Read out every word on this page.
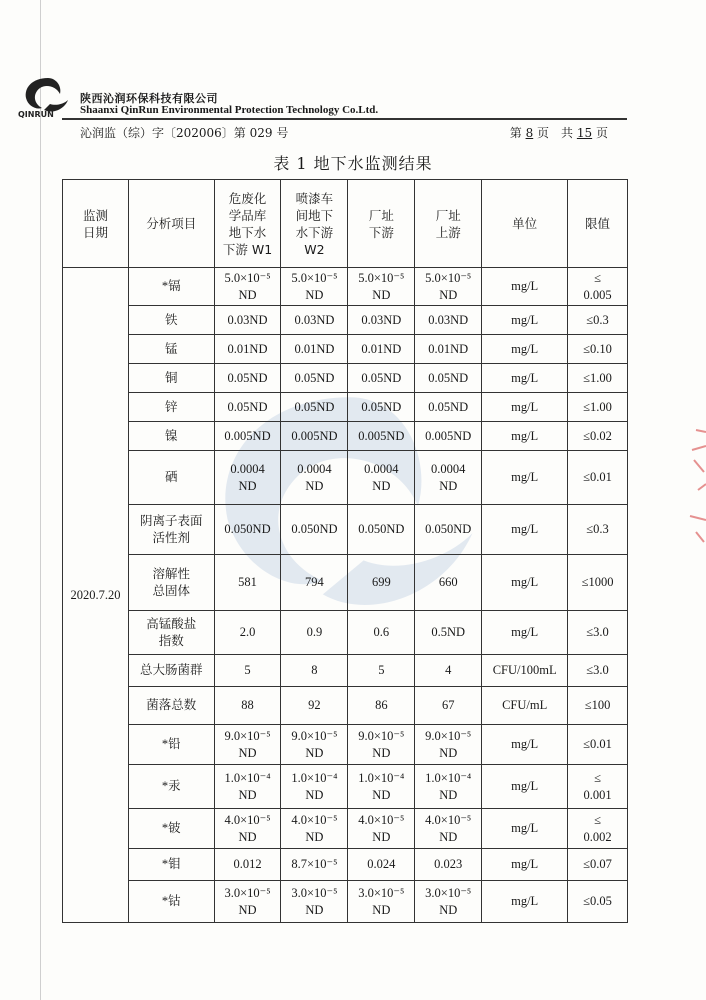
QINRUN
陕西沁润环保科技有限公司
Shaanxi QinRun Environmental Protection Technology Co.Ltd.
沁润监（综）字〔202006〕第 029 号	第 8 页　共 15 页
表 1 地下水监测结果
监测
日期	分析项目	危废化
学品库
地下水
下游 W1	喷漆车
间地下
水下游
W2	厂址
下游	厂址
上游	单位	限值
2020.7.20	*镉	5.0×10⁻⁵
ND	5.0×10⁻⁵
ND	5.0×10⁻⁵
ND	5.0×10⁻⁵
ND	mg/L	≤
0.005
	铁	0.03ND	0.03ND	0.03ND	0.03ND	mg/L	≤0.3
	锰	0.01ND	0.01ND	0.01ND	0.01ND	mg/L	≤0.10
	铜	0.05ND	0.05ND	0.05ND	0.05ND	mg/L	≤1.00
	锌	0.05ND	0.05ND	0.05ND	0.05ND	mg/L	≤1.00
	镍	0.005ND	0.005ND	0.005ND	0.005ND	mg/L	≤0.02
	硒	0.0004
ND	0.0004
ND	0.0004
ND	0.0004
ND	mg/L	≤0.01
	阴离子表面
活性剂	0.050ND	0.050ND	0.050ND	0.050ND	mg/L	≤0.3
	溶解性
总固体	581	794	699	660	mg/L	≤1000
	高锰酸盐
指数	2.0	0.9	0.6	0.5ND	mg/L	≤3.0
	总大肠菌群	5	8	5	4	CFU/100mL	≤3.0
	菌落总数	88	92	86	67	CFU/mL	≤100
	*铅	9.0×10⁻⁵
ND	9.0×10⁻⁵
ND	9.0×10⁻⁵
ND	9.0×10⁻⁵
ND	mg/L	≤0.01
	*汞	1.0×10⁻⁴
ND	1.0×10⁻⁴
ND	1.0×10⁻⁴
ND	1.0×10⁻⁴
ND	mg/L	≤
0.001
	*铍	4.0×10⁻⁵
ND	4.0×10⁻⁵
ND	4.0×10⁻⁵
ND	4.0×10⁻⁵
ND	mg/L	≤
0.002
	*钼	0.012	8.7×10⁻⁵	0.024	0.023	mg/L	≤0.07
	*钴	3.0×10⁻⁵
ND	3.0×10⁻⁵
ND	3.0×10⁻⁵
ND	3.0×10⁻⁵
ND	mg/L	≤0.05
